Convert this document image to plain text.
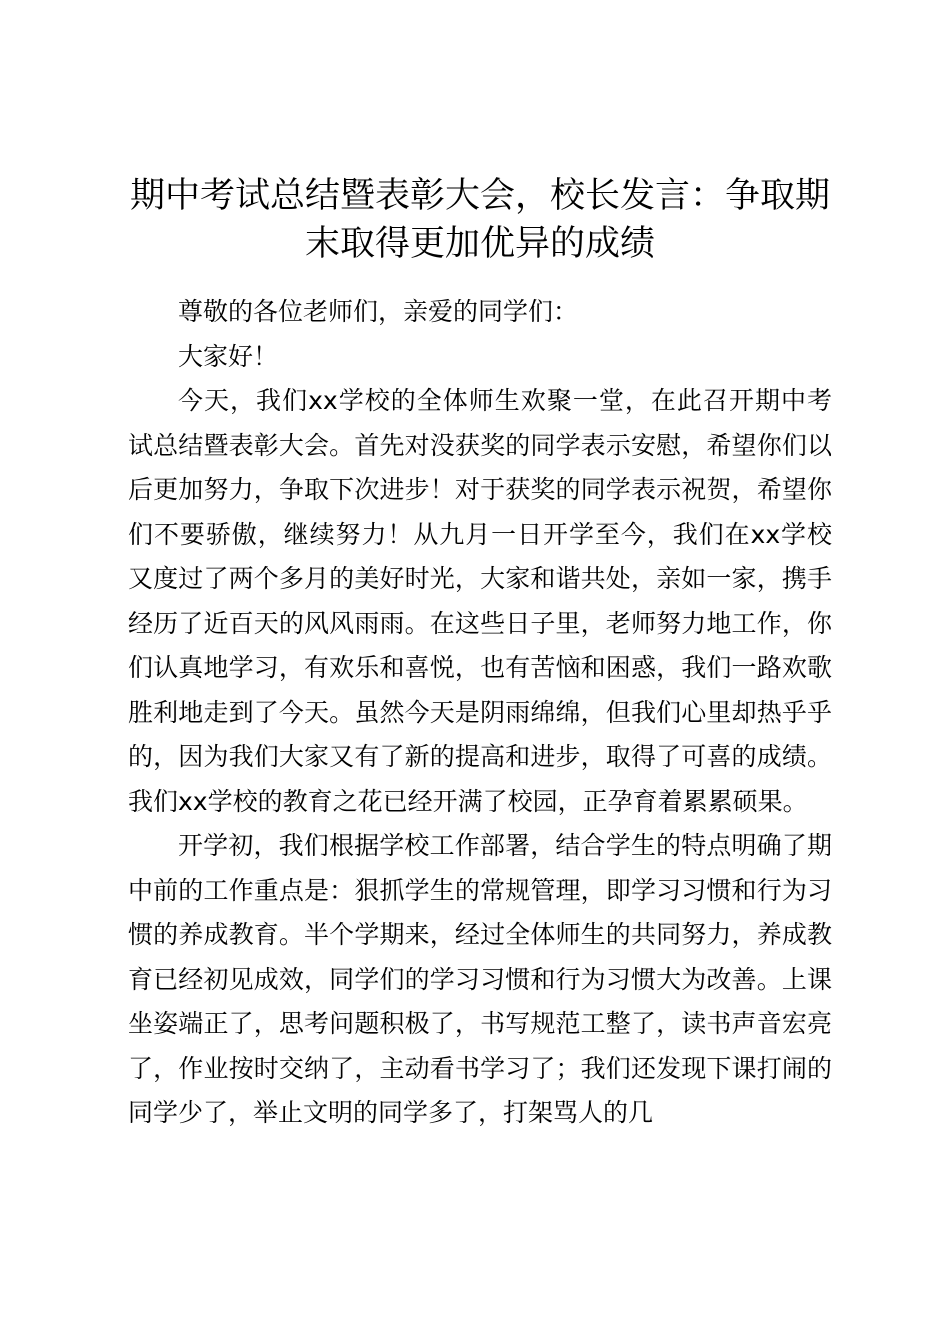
期中考试总结暨表彰大会，校长发言：争取期末取得更加优异的成绩

尊敬的各位老师们，亲爱的同学们：

大家好！

今天，我们xx学校的全体师生欢聚一堂，在此召开期中考试总结暨表彰大会。首先对没获奖的同学表示安慰，希望你们以后更加努力，争取下次进步！对于获奖的同学表示祝贺，希望你们不要骄傲，继续努力！从九月一日开学至今，我们在xx学校又度过了两个多月的美好时光，大家和谐共处，亲如一家，携手经历了近百天的风风雨雨。在这些日子里，老师努力地工作，你们认真地学习，有欢乐和喜悦，也有苦恼和困惑，我们一路欢歌胜利地走到了今天。虽然今天是阴雨绵绵，但我们心里却热乎乎的，因为我们大家又有了新的提高和进步，取得了可喜的成绩。我们xx学校的教育之花已经开满了校园，正孕育着累累硕果。

开学初，我们根据学校工作部署，结合学生的特点明确了期中前的工作重点是：狠抓学生的常规管理，即学习习惯和行为习惯的养成教育。半个学期来，经过全体师生的共同努力，养成教育已经初见成效，同学们的学习习惯和行为习惯大为改善。上课坐姿端正了，思考问题积极了，书写规范工整了，读书声音宏亮了，作业按时交纳了，主动看书学习了；我们还发现下课打闹的同学少了，举止文明的同学多了，打架骂人的几
